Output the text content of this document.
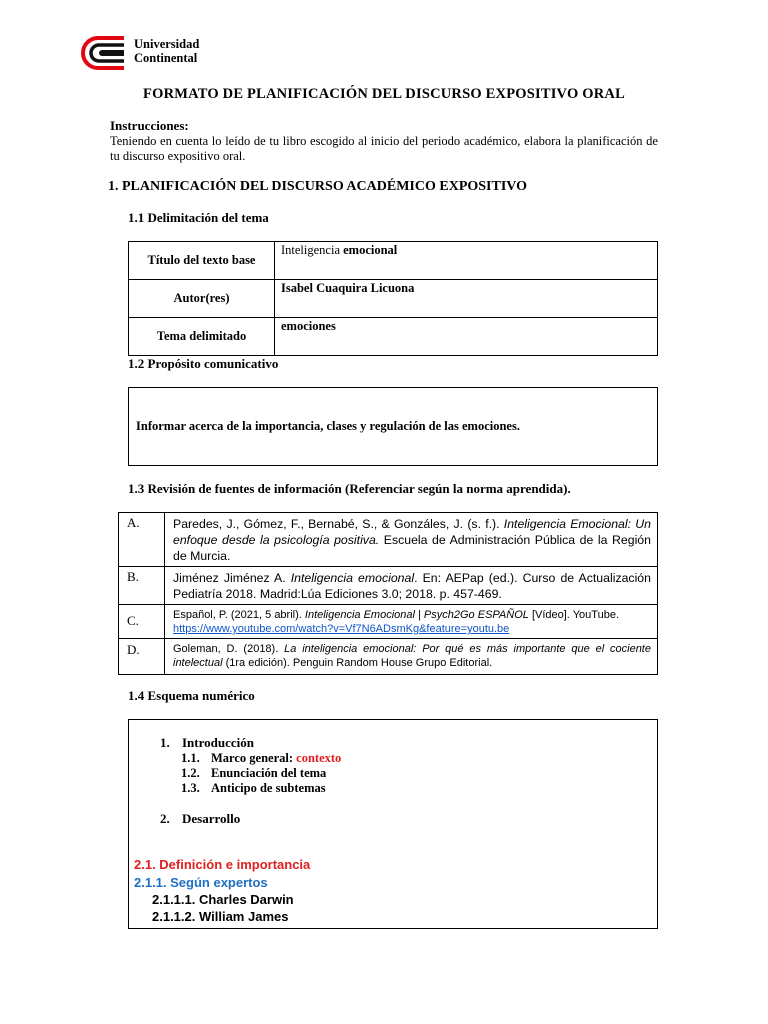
Universidad
Continental
FORMATO DE PLANIFICACIÓN DEL DISCURSO EXPOSITIVO ORAL
Instrucciones:
Teniendo en cuenta lo leído de tu libro escogido al inicio del periodo académico, elabora la planificación de tu discurso expositivo oral.
1. PLANIFICACIÓN DEL DISCURSO ACADÉMICO EXPOSITIVO
1.1 Delimitación del tema
Título del texto base	Inteligencia emocional
Autor(res)	Isabel Cuaquira Licuona
Tema delimitado	emociones
1.2 Propósito comunicativo
Informar acerca de la importancia, clases y regulación de las emociones.
1.3 Revisión de fuentes de información (Referenciar según la norma aprendida).
A.	Paredes, J., Gómez, F., Bernabé, S., & Gonzáles, J. (s. f.). Inteligencia Emocional: Un enfoque desde la psicología positiva. Escuela de Administración Pública de la Región de Murcia.
B.	Jiménez Jiménez A. Inteligencia emocional. En: AEPap (ed.). Curso de Actualización Pediatría 2018. Madrid:Lúa Ediciones 3.0; 2018. p. 457-469.
C.	Español, P. (2021, 5 abril). Inteligencia Emocional | Psych2Go ESPAÑOL [Vídeo]. YouTube.
https://www.youtube.com/watch?v=Vf7N6ADsmKg&feature=youtu.be
D.	Goleman, D. (2018). La inteligencia emocional: Por qué es más importante que el cociente intelectual (1ra edición). Penguin Random House Grupo Editorial.
1.4 Esquema numérico
1. Introducción
1.1. Marco general: contexto
1.2. Enunciación del tema
1.3. Anticipo de subtemas
2. Desarrollo
2.1. Definición e importancia
2.1.1. Según expertos
2.1.1.1. Charles Darwin
2.1.1.2. William James
